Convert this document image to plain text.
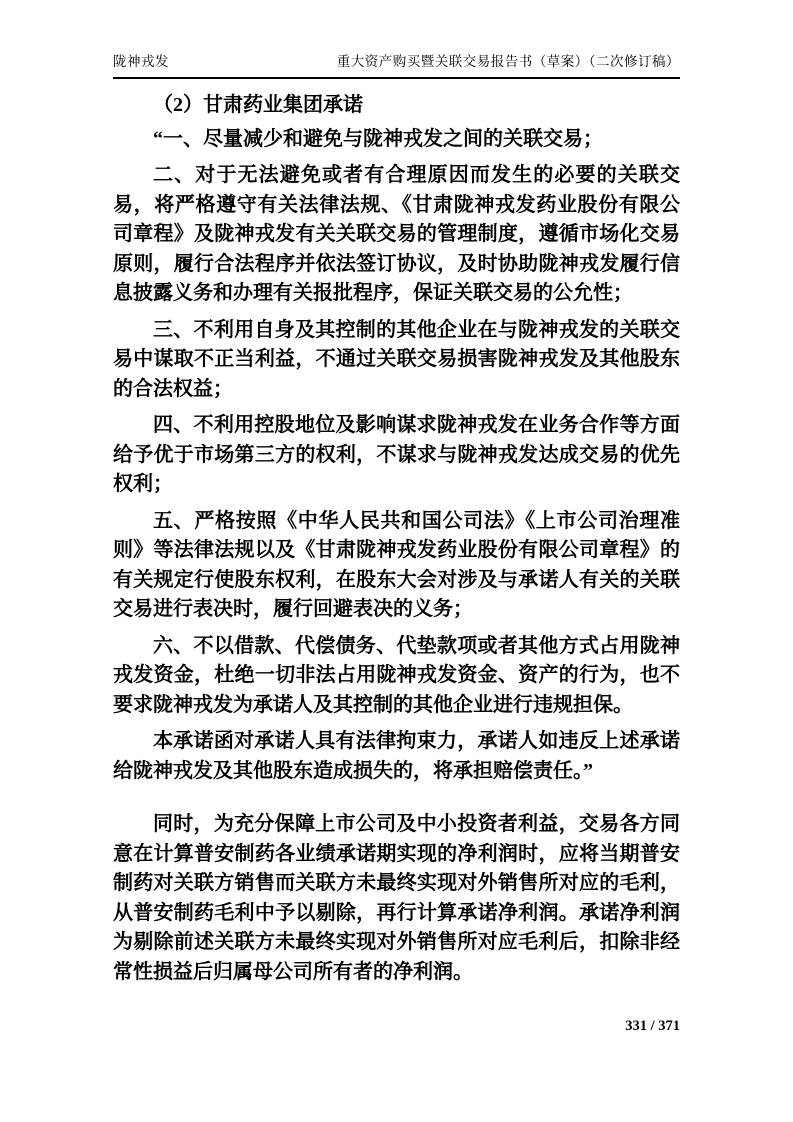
陇神戎发	重大资产购买暨关联交易报告书（草案）（二次修订稿）

（2）甘肃药业集团承诺

“一、尽量减少和避免与陇神戎发之间的关联交易；

二、对于无法避免或者有合理原因而发生的必要的关联交易，将严格遵守有关法律法规、《甘肃陇神戎发药业股份有限公司章程》及陇神戎发有关关联交易的管理制度，遵循市场化交易原则，履行合法程序并依法签订协议，及时协助陇神戎发履行信息披露义务和办理有关报批程序，保证关联交易的公允性；

三、不利用自身及其控制的其他企业在与陇神戎发的关联交易中谋取不正当利益，不通过关联交易损害陇神戎发及其他股东的合法权益；

四、不利用控股地位及影响谋求陇神戎发在业务合作等方面给予优于市场第三方的权利，不谋求与陇神戎发达成交易的优先权利；

五、严格按照《中华人民共和国公司法》《上市公司治理准则》等法律法规以及《甘肃陇神戎发药业股份有限公司章程》的有关规定行使股东权利，在股东大会对涉及与承诺人有关的关联交易进行表决时，履行回避表决的义务；

六、不以借款、代偿债务、代垫款项或者其他方式占用陇神戎发资金，杜绝一切非法占用陇神戎发资金、资产的行为，也不要求陇神戎发为承诺人及其控制的其他企业进行违规担保。

本承诺函对承诺人具有法律拘束力，承诺人如违反上述承诺给陇神戎发及其他股东造成损失的，将承担赔偿责任。”

同时，为充分保障上市公司及中小投资者利益，交易各方同意在计算普安制药各业绩承诺期实现的净利润时，应将当期普安制药对关联方销售而关联方未最终实现对外销售所对应的毛利，从普安制药毛利中予以剔除，再行计算承诺净利润。承诺净利润为剔除前述关联方未最终实现对外销售所对应毛利后，扣除非经常性损益后归属母公司所有者的净利润。

331 / 371
